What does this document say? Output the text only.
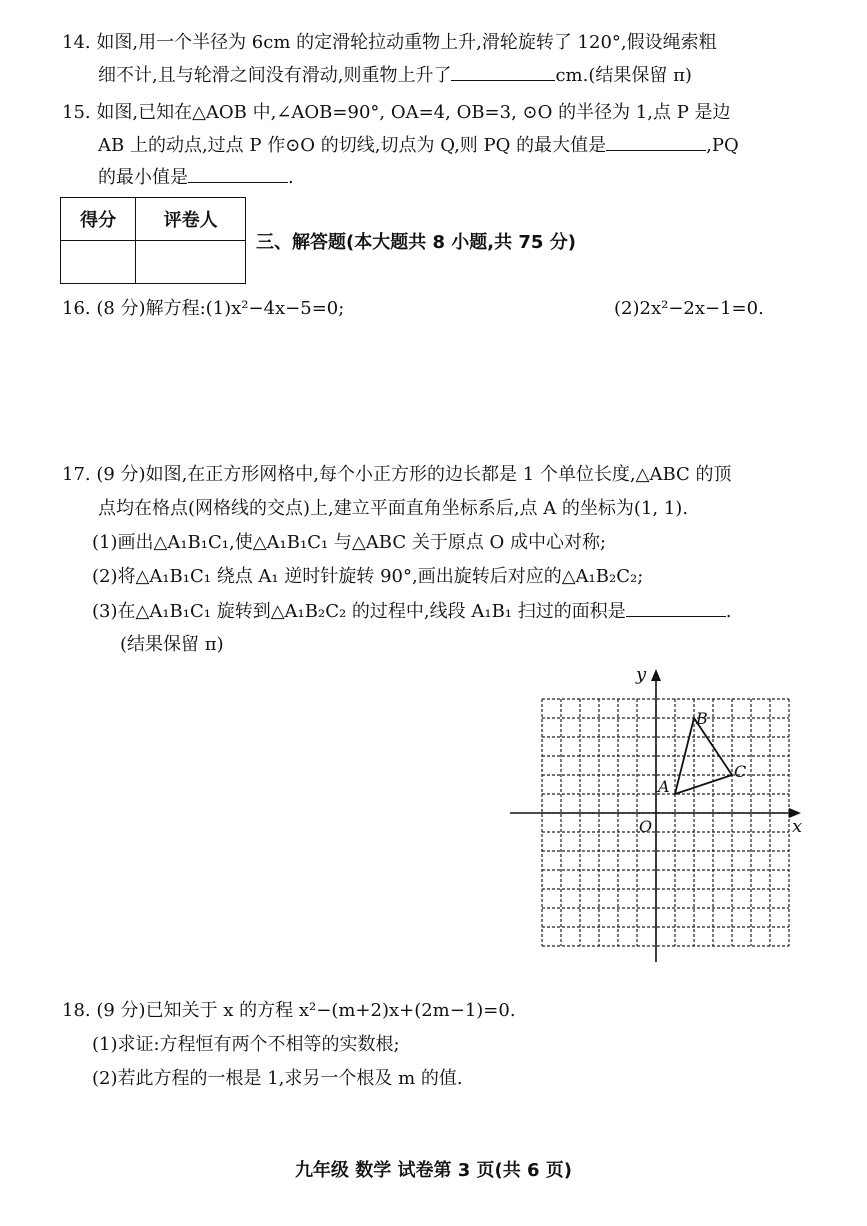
14. 如图,用一个半径为 6cm 的定滑轮拉动重物上升,滑轮旋转了 120°,假设绳索粗
细不计,且与轮滑之间没有滑动,则重物上升了	cm.(结果保留 π)
15. 如图,已知在△AOB 中,∠AOB=90°, OA=4, OB=3, ⊙O 的半径为 1,点 P 是边
AB 上的动点,过点 P 作⊙O 的切线,切点为 Q,则 PQ 的最大值是	,PQ
的最小值是	.
得分	评卷人

三、解答题(本大题共 8 小题,共 75 分)
16. (8 分)解方程:(1)x²−4x−5=0;	(2)2x²−2x−1=0.
17. (9 分)如图,在正方形网格中,每个小正方形的边长都是 1 个单位长度,△ABC 的顶
点均在格点(网格线的交点)上,建立平面直角坐标系后,点 A 的坐标为(1, 1).
(1)画出△A₁B₁C₁,使△A₁B₁C₁ 与△ABC 关于原点 O 成中心对称;
(2)将△A₁B₁C₁ 绕点 A₁ 逆时针旋转 90°,画出旋转后对应的△A₁B₂C₂;
(3)在△A₁B₁C₁ 旋转到△A₁B₂C₂ 的过程中,线段 A₁B₁ 扫过的面积是	.
(结果保留 π)
x
y
O
A
B
C
18. (9 分)已知关于 x 的方程 x²−(m+2)x+(2m−1)=0.
(1)求证:方程恒有两个不相等的实数根;
(2)若此方程的一根是 1,求另一个根及 m 的值.
九年级 数学 试卷第 3 页(共 6 页)
